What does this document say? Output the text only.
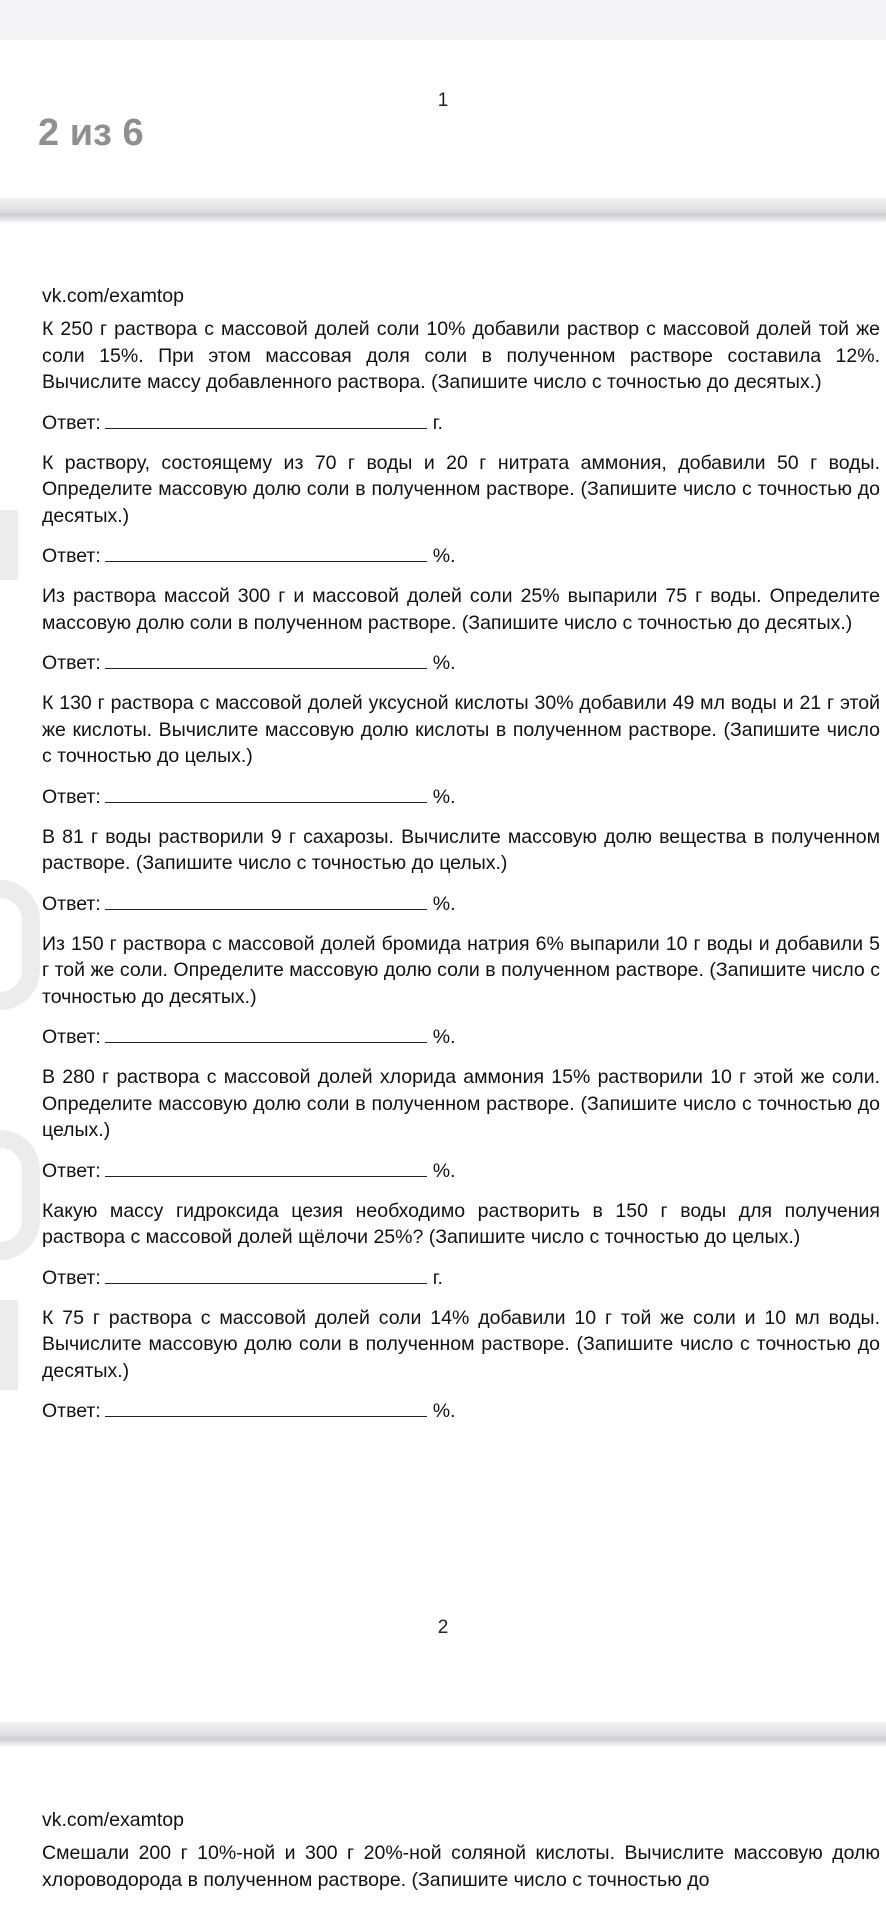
1
2 из 6
vk.com/examtop
К 250 г раствора с массовой долей соли 10% добавили раствор с массовой долей той же соли 15%. При этом массовая доля соли в полученном растворе составила 12%. Вычислите массу добавленного раствора. (Запишите число с точностью до десятых.)
Ответ:	г.
К раствору, состоящему из 70 г воды и 20 г нитрата аммония, добавили 50 г воды. Определите массовую долю соли в полученном растворе. (Запишите число с точностью до десятых.)
Ответ:	%.
Из раствора массой 300 г и массовой долей соли 25% выпарили 75 г воды. Определите массовую долю соли в полученном растворе. (Запишите число с точностью до десятых.)
Ответ:	%.
К 130 г раствора с массовой долей уксусной кислоты 30% добавили 49 мл воды и 21 г этой же кислоты. Вычислите массовую долю кислоты в полученном растворе. (Запишите число с точностью до целых.)
Ответ:	%.
В 81 г воды растворили 9 г сахарозы. Вычислите массовую долю вещества в полученном растворе. (Запишите число с точностью до целых.)
Ответ:	%.
Из 150 г раствора с массовой долей бромида натрия 6% выпарили 10 г воды и добавили 5 г той же соли. Определите массовую долю соли в полученном растворе. (Запишите число с точностью до десятых.)
Ответ:	%.
В 280 г раствора с массовой долей хлорида аммония 15% растворили 10 г этой же соли. Определите массовую долю соли в полученном растворе. (Запишите число с точностью до целых.)
Ответ:	%.
Какую массу гидроксида цезия необходимо растворить в 150 г воды для получения раствора с массовой долей щёлочи 25%? (Запишите число с точностью до целых.)
Ответ:	г.
К 75 г раствора с массовой долей соли 14% добавили 10 г той же соли и 10 мл воды. Вычислите массовую долю соли в полученном растворе. (Запишите число с точностью до десятых.)
Ответ:	%.
2
vk.com/examtop
Смешали 200 г 10%-ной и 300 г 20%-ной соляной кислоты. Вычислите массовую долю хлороводорода в полученном растворе. (Запишите число с точностью до
